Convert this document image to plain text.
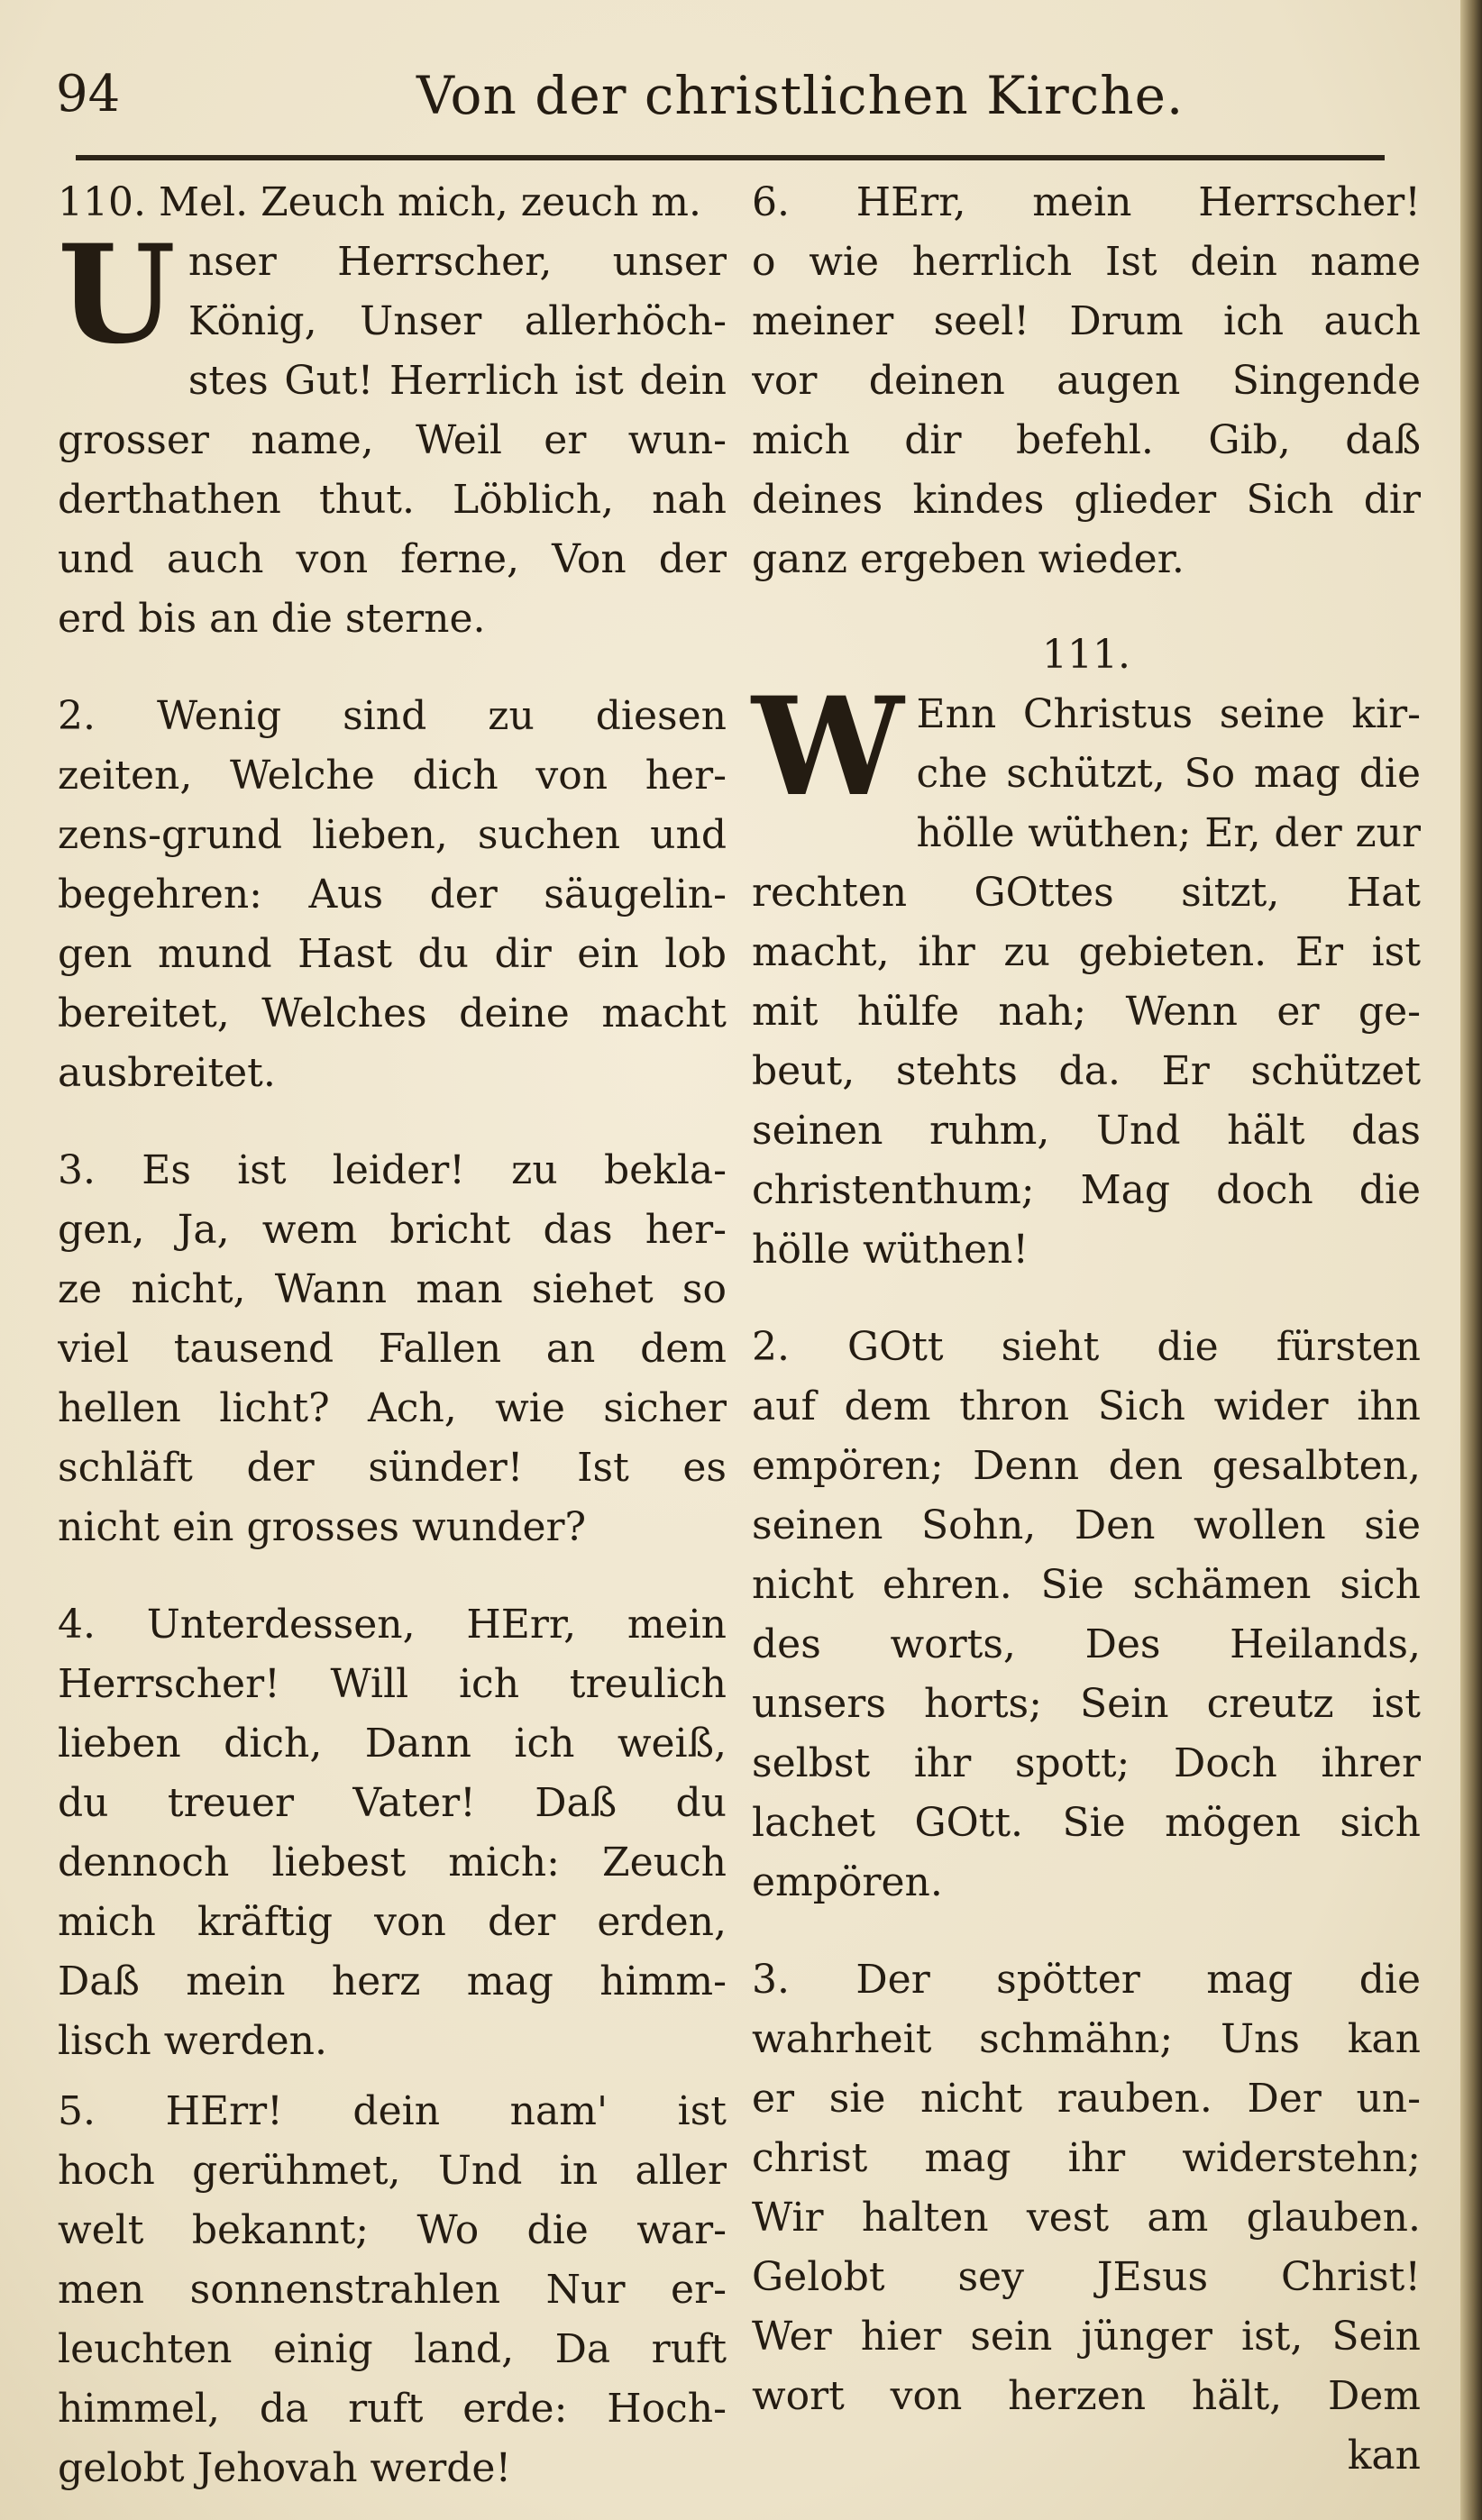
94	Von der christlichen Kirche.
110. Mel. Zeuch mich, zeuch m.
U nser Herrscher, unser
König, Unser allerhöch-
stes Gut! Herrlich ist dein
grosser name, Weil er wun-
derthathen thut. Löblich, nah
und auch von ferne, Von der
erd bis an die sterne.
2. Wenig sind zu diesen
zeiten, Welche dich von her-
zens-grund lieben, suchen und
begehren: Aus der säugelin-
gen mund Hast du dir ein lob
bereitet, Welches deine macht
ausbreitet.
3. Es ist leider! zu bekla-
gen, Ja, wem bricht das her-
ze nicht, Wann man siehet so
viel tausend Fallen an dem
hellen licht? Ach, wie sicher
schläft der sünder! Ist es
nicht ein grosses wunder?
4. Unterdessen, HErr, mein
Herrscher! Will ich treulich
lieben dich, Dann ich weiß,
du treuer Vater! Daß du
dennoch liebest mich: Zeuch
mich kräftig von der erden,
Daß mein herz mag himm-
lisch werden.
5. HErr! dein nam' ist
hoch gerühmet, Und in aller
welt bekannt; Wo die war-
men sonnenstrahlen Nur er-
leuchten einig land, Da ruft
himmel, da ruft erde: Hoch-
gelobt Jehovah werde!
6. HErr, mein Herrscher!
o wie herrlich Ist dein name
meiner seel! Drum ich auch
vor deinen augen Singende
mich dir befehl. Gib, daß
deines kindes glieder Sich dir
ganz ergeben wieder.
111.
W Enn Christus seine kir-
che schützt, So mag die
hölle wüthen; Er, der zur
rechten GOttes sitzt, Hat
macht, ihr zu gebieten. Er ist
mit hülfe nah; Wenn er ge-
beut, stehts da. Er schützet
seinen ruhm, Und hält das
christenthum; Mag doch die
hölle wüthen!
2. GOtt sieht die fürsten
auf dem thron Sich wider ihn
empören; Denn den gesalbten,
seinen Sohn, Den wollen sie
nicht ehren. Sie schämen sich
des worts, Des Heilands,
unsers horts; Sein creutz ist
selbst ihr spott; Doch ihrer
lachet GOtt. Sie mögen sich
empören.
3. Der spötter mag die
wahrheit schmähn; Uns kan
er sie nicht rauben. Der un-
christ mag ihr widerstehn;
Wir halten vest am glauben.
Gelobt sey JEsus Christ!
Wer hier sein jünger ist, Sein
wort von herzen hält, Dem
kan
